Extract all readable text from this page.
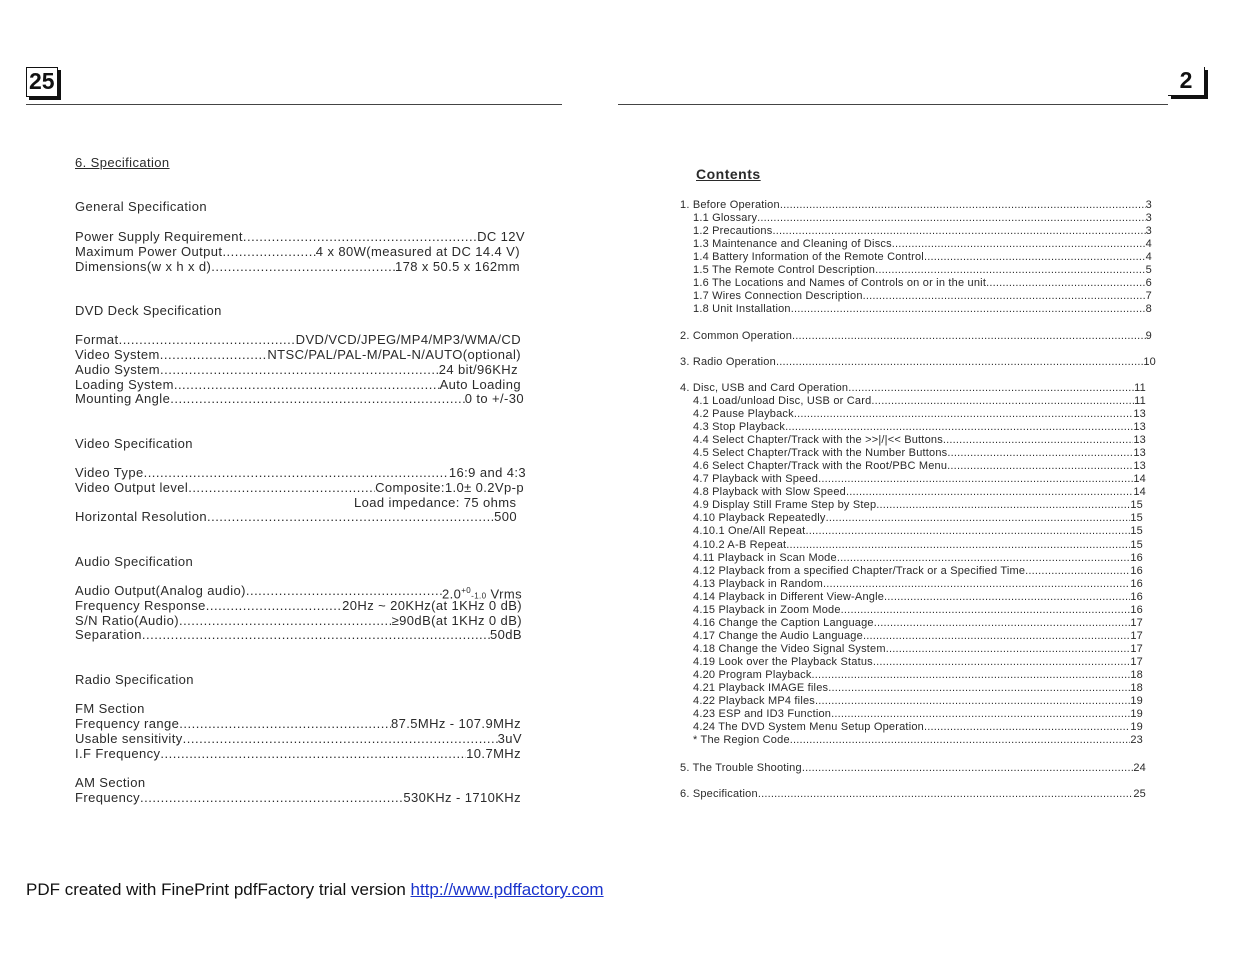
25	2
6. Specification
General Specification
Power Supply Requirement .....	DC 12V
Maximum Power Output .....	4 x 80W(measured at DC 14.4 V)
Dimensions(w x h x d) .....	178 x 50.5 x 162mm
DVD Deck Specification
Format .....	DVD/VCD/JPEG/MP4/MP3/WMA/CD
Video System .....	NTSC/PAL/PAL-M/PAL-N/AUTO(optional)
Audio System .....	24 bit/96KHz
Loading System .....	Auto Loading
Mounting Angle .....	0 to +/-30
Video Specification
Video Type .....	16:9 and 4:3
Video Output level .....	Composite:1.0± 0.2Vp-p
Load impedance: 75 ohms
Horizontal Resolution .....	500
Audio Specification
Audio Output(Analog audio) .....	$2.0^{+0}-1.0$ Vrms
Frequency Response .....	20Hz ~ 20KHz(at 1KHz 0 dB)
S/N Ratio(Audio) .....	≥90dB(at 1KHz 0 dB)
Separation .....	50dB
Radio Specification
FM Section
Frequency range .....	87.5MHz - 107.9MHz
Usable sensitivity .....	3uV
I.F Frequency .....	10.7MHz
AM Section
Frequency .....	530KHz - 1710KHz
Contents
1. Before Operation .....	3
1.1 Glossary .....	3
1.2 Precautions .....	3
1.3 Maintenance and Cleaning of Discs .....	4
1.4 Battery Information of the Remote Control .....	4
1.5 The Remote Control Description .....	5
1.6 The Locations and Names of Controls on or in the unit .....	6
1.7 Wires Connection Description .....	7
1.8 Unit Installation .....	8
2. Common Operation .....	9
3. Radio Operation .....	10
4. Disc, USB and Card Operation .....	11
4.1 Load/unload Disc, USB or Card .....	11
4.2 Pause Playback .....	13
4.3 Stop Playback .....	13
4.4 Select Chapter/Track with the >>|/|<< Buttons .....	13
4.5 Select Chapter/Track with the Number Buttons .....	13
4.6 Select Chapter/Track with the Root/PBC Menu .....	13
4.7 Playback with Speed .....	14
4.8 Playback with Slow Speed .....	14
4.9 Display Still Frame Step by Step .....	15
4.10 Playback Repeatedly .....	15
4.10.1 One/All Repeat .....	15
4.10.2 A-B Repeat .....	15
4.11 Playback in Scan Mode .....	16
4.12 Playback from a specified Chapter/Track or a Specified Time .....	16
4.13 Playback in Random .....	16
4.14 Playback in Different View-Angle .....	16
4.15 Playback in Zoom Mode .....	16
4.16 Change the Caption Language .....	17
4.17 Change the Audio Language .....	17
4.18 Change the Video Signal System .....	17
4.19 Look over the Playback Status .....	17
4.20 Program Playback .....	18
4.21 Playback IMAGE files .....	18
4.22 Playback MP4 files .....	19
4.23 ESP and ID3 Function .....	19
4.24 The DVD System Menu Setup Operation .....	19
* The Region Code .....	23
5. The Trouble Shooting .....	24
6. Specification .....	25
PDF created with FinePrint pdfFactory trial version http://www.pdffactory.com
